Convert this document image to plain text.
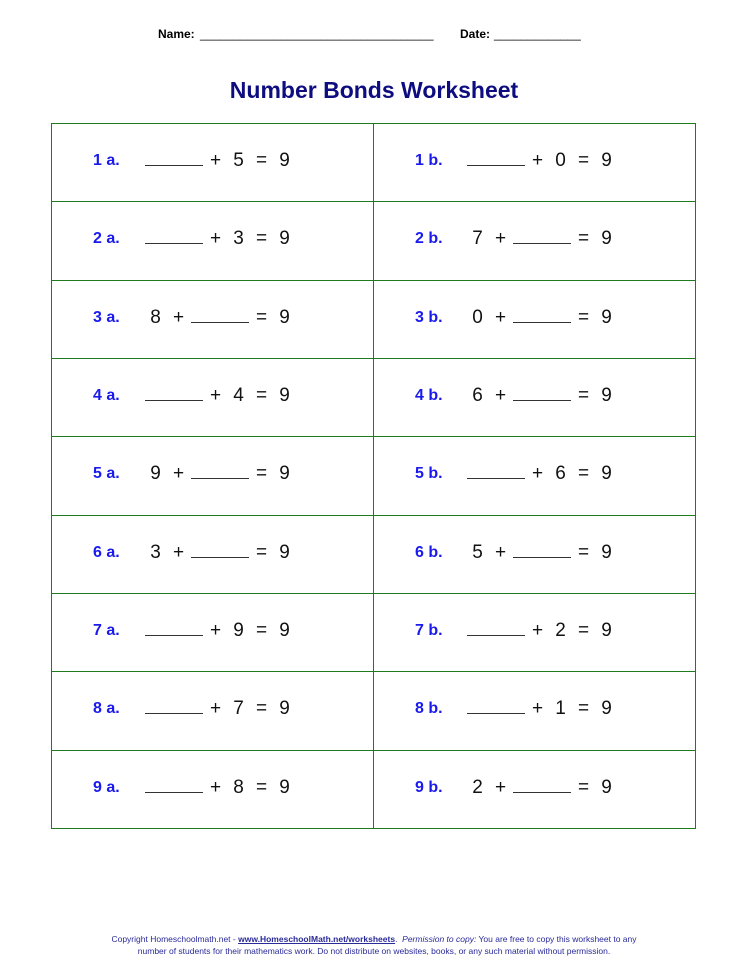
Name: ___________________________________ Date: _____________
Number Bonds Worksheet
1 a. + 5 = 9	1 b. + 0 = 9

2 a. + 3 = 9	2 b. 7 + = 9

3 a. 8 + = 9	3 b. 0 + = 9

4 a. + 4 = 9	4 b. 6 + = 9

5 a. 9 + = 9	5 b. + 6 = 9

6 a. 3 + = 9	6 b. 5 + = 9

7 a. + 9 = 9	7 b. + 2 = 9

8 a. + 7 = 9	8 b. + 1 = 9

9 a. + 8 = 9	9 b. 2 + = 9
Copyright Homeschoolmath.net - www.HomeschoolMath.net/worksheets.  Permission to copy: You are free to copy this worksheet to any
number of students for their mathematics work. Do not distribute on websites, books, or any such material without permission.
